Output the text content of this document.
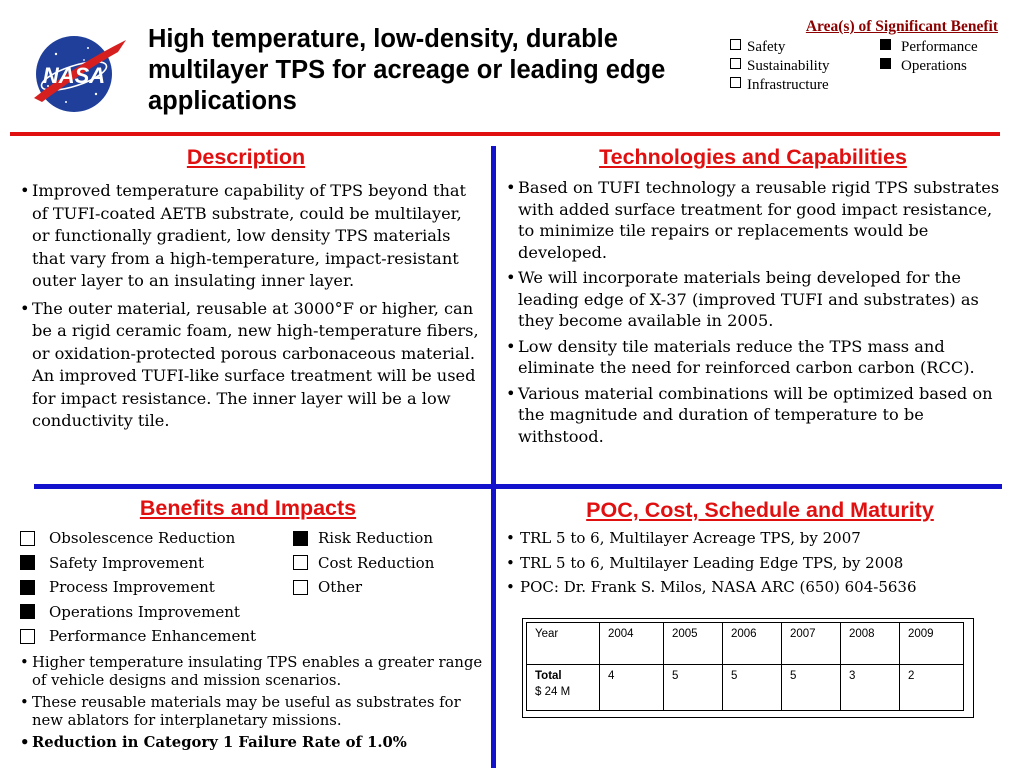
NASA
High temperature, low-density, durable multilayer TPS for acreage or leading edge applications
Area(s) of Significant Benefit
Safety	Performance
Sustainability	Operations
Infrastructure
Description
• Improved temperature capability of TPS beyond that of TUFI-coated AETB substrate, could be multilayer, or functionally gradient, low density TPS materials that vary from a high-temperature, impact-resistant outer layer to an insulating inner layer.
• The outer material, reusable at 3000°F or higher, can be a rigid ceramic foam, new high-temperature fibers, or oxidation-protected porous carbonaceous material. An improved TUFI-like surface treatment will be used for impact resistance. The inner layer will be a low conductivity tile.
Technologies and Capabilities
• Based on TUFI technology a reusable rigid TPS substrates with added surface treatment for good impact resistance, to minimize tile repairs or replacements would be developed.
• We will incorporate materials being developed for the leading edge of X-37 (improved TUFI and substrates) as they become available in 2005.
• Low density tile materials reduce the TPS mass and eliminate the need for reinforced carbon carbon (RCC).
• Various material combinations will be optimized based on the magnitude and duration of temperature to be withstood.
Benefits and Impacts
Obsolescence Reduction	Risk Reduction
Safety Improvement	Cost Reduction
Process Improvement	Other
Operations Improvement
Performance Enhancement
• Higher temperature insulating TPS enables a greater range of vehicle designs and mission scenarios.
• These reusable materials may be useful as substrates for new ablators for interplanetary missions.
• Reduction in Category 1 Failure Rate of 1.0%
POC, Cost, Schedule and Maturity
• TRL 5 to 6, Multilayer Acreage TPS, by 2007
• TRL 5 to 6, Multilayer Leading Edge TPS, by 2008
• POC: Dr. Frank S. Milos, NASA ARC (650) 604-5636
Year	2004	2005	2006	2007	2008	2009

Total
$ 24 M	4	5	5	5	3	2
